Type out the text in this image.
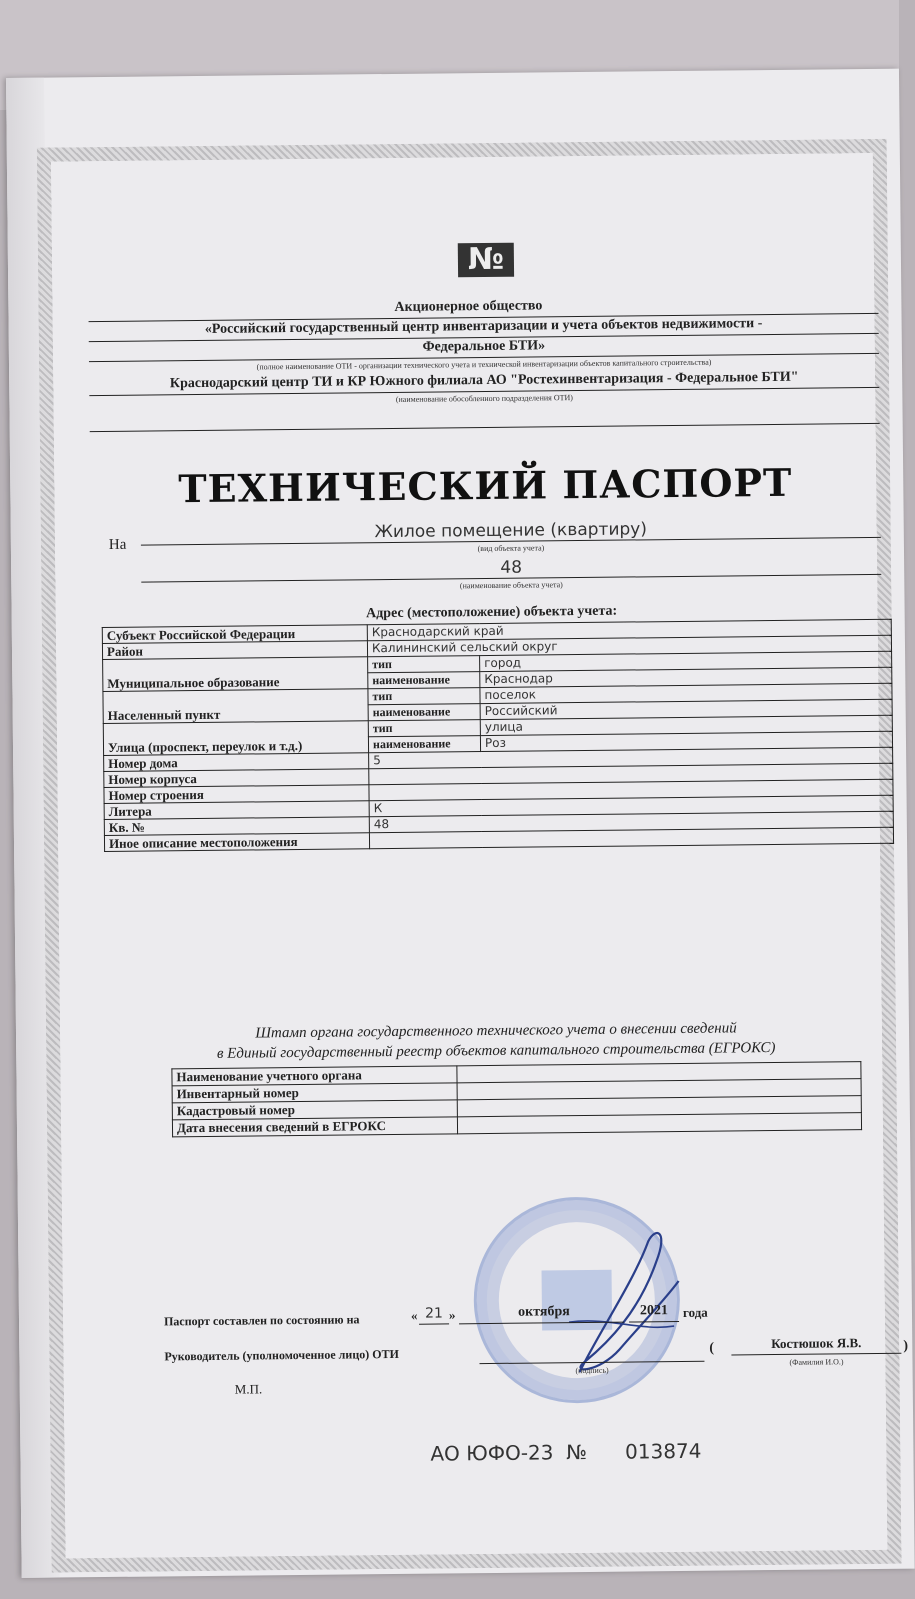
№
Акционерное общество
«Российский государственный центр инвентаризации и учета объектов недвижимости -
Федеральное БТИ»
(полное наименование ОТИ - организации технического учета и технической инвентаризации объектов капитального строительства)
Краснодарский центр ТИ и КР Южного филиала АО "Ростехинвентаризация - Федеральное БТИ"
(наименование обособленного подразделения ОТИ)
ТЕХНИЧЕСКИЙ ПАСПОРТ
На
Жилое помещение (квартиру)
(вид объекта учета)
48
(наименование объекта учета)
Адрес (местоположение) объекта учета:
Субъект Российской Федерации	Краснодарский край	
Район	Калининский сельский округ	
Муниципальное образование	тип	город
	наименование	Краснодар
Населенный пункт	тип	поселок
	наименование	Российский
Улица (проспект, переулок и т.д.)	тип	улица
	наименование	Роз
Номер дома	5	
Номер корпуса		
Номер строения		
Литера	К	
Кв. №	48	
Иное описание местоположения		
Штамп органа государственного технического учета о внесении сведений
в Единый государственный реестр объектов капитального строительства (ЕГРОКС)
Наименование учетного органа	
Инвентарный номер	
Кадастровый номер	
Дата внесения сведений в ЕГРОКС	
Паспорт составлен по состоянию на	« 21 »	октября	2021	года
Руководитель (уполномоченное лицо) ОТИ
(подпись)
(	Костюшок Я.В.
(Фамилия И.О.)
)
М.П.
АО ЮФО-23  №      013874
